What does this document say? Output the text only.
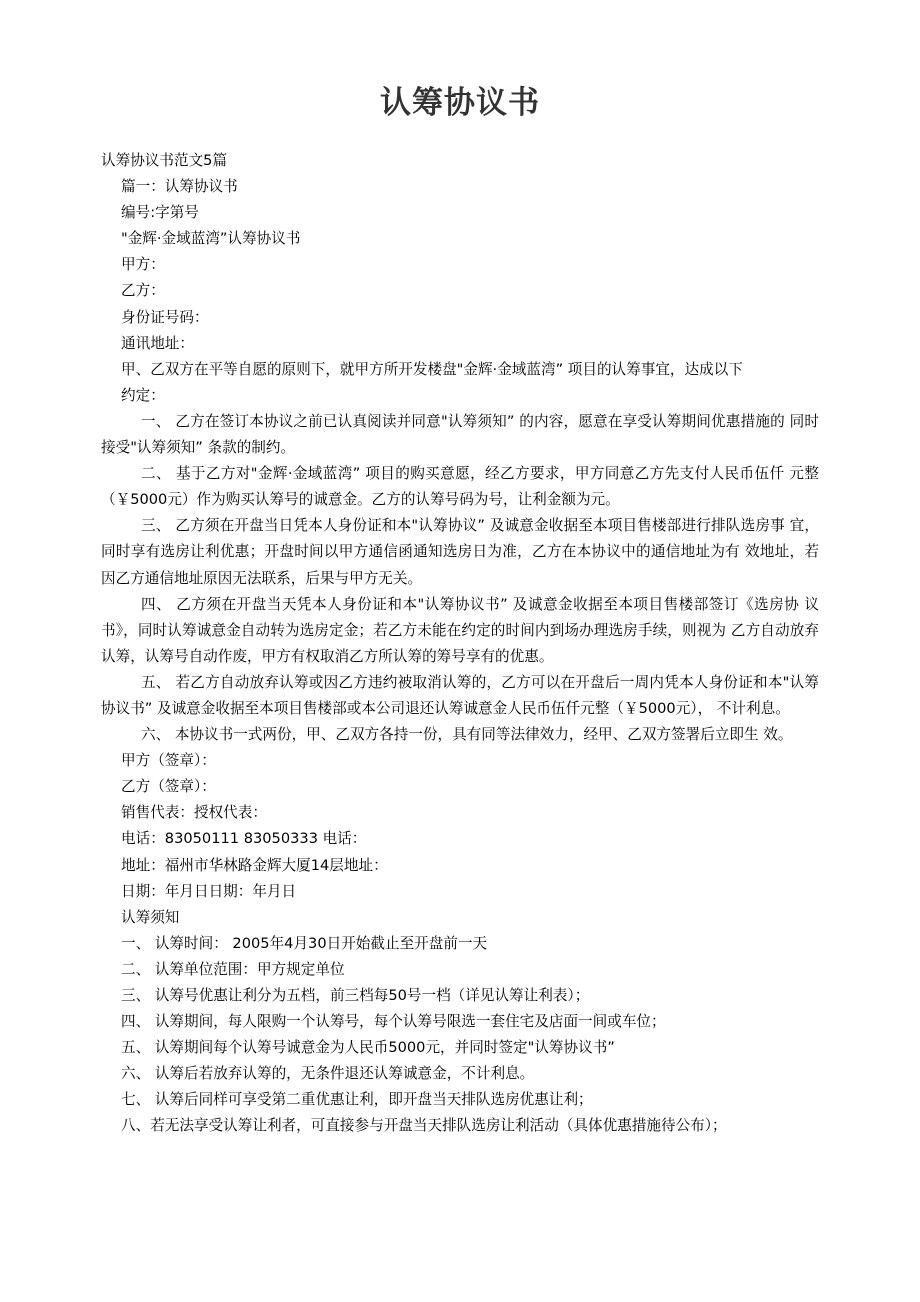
认筹协议书

认筹协议书范文5篇

篇一：认筹协议书

编号:字第号

"金辉·金域蓝湾”认筹协议书

甲方：

乙方：

身份证号码：

通讯地址：

甲、乙双方在平等自愿的原则下，就甲方所开发楼盘"金辉·金域蓝湾” 项目的认筹事宜，达成以下

约定：

一、 乙方在签订本协议之前已认真阅读并同意"认筹须知” 的内容，愿意在享受认筹期间优惠措施的 同时接受"认筹须知” 条款的制约。

二、 基于乙方对"金辉·金域蓝湾” 项目的购买意愿，经乙方要求，甲方同意乙方先支付人民币伍仟 元整（￥5000元）作为购买认筹号的诚意金。乙方的认筹号码为号，让利金额为元。

三、 乙方须在开盘当日凭本人身份证和本"认筹协议” 及诚意金收据至本项目售楼部进行排队选房事 宜，同时享有选房让利优惠；开盘时间以甲方通信函通知选房日为准，乙方在本协议中的通信地址为有 效地址，若因乙方通信地址原因无法联系，后果与甲方无关。

四、 乙方须在开盘当天凭本人身份证和本"认筹协议书” 及诚意金收据至本项目售楼部签订《选房协 议书》，同时认筹诚意金自动转为选房定金；若乙方未能在约定的时间内到场办理选房手续，则视为 乙方自动放弃认筹，认筹号自动作废，甲方有权取消乙方所认筹的筹号享有的优惠。

五、 若乙方自动放弃认筹或因乙方违约被取消认筹的，乙方可以在开盘后一周内凭本人身份证和本"认筹协议书” 及诚意金收据至本项目售楼部或本公司退还认筹诚意金人民币伍仟元整（￥5000元）， 不计利息。

六、 本协议书一式两份，甲、乙双方各持一份，具有同等法律效力，经甲、乙双方签署后立即生 效。

甲方（签章）：

乙方（签章）：

销售代表：授权代表：

电话：83050111 83050333 电话：

地址：福州市华林路金辉大厦14层地址：

日期：年月日日期：年月日

认筹须知

一、 认筹时间： 2005年4月30日开始截止至开盘前一天

二、 认筹单位范围：甲方规定单位

三、 认筹号优惠让利分为五档，前三档每50号一档（详见认筹让利表）；

四、 认筹期间，每人限购一个认筹号，每个认筹号限选一套住宅及店面一间或车位；

五、 认筹期间每个认筹号诚意金为人民币5000元，并同时签定"认筹协议书”

六、 认筹后若放弃认筹的，无条件退还认筹诚意金，不计利息。

七、 认筹后同样可享受第二重优惠让利，即开盘当天排队选房优惠让利；

八、若无法享受认筹让利者，可直接参与开盘当天排队选房让利活动（具体优惠措施待公布）；
